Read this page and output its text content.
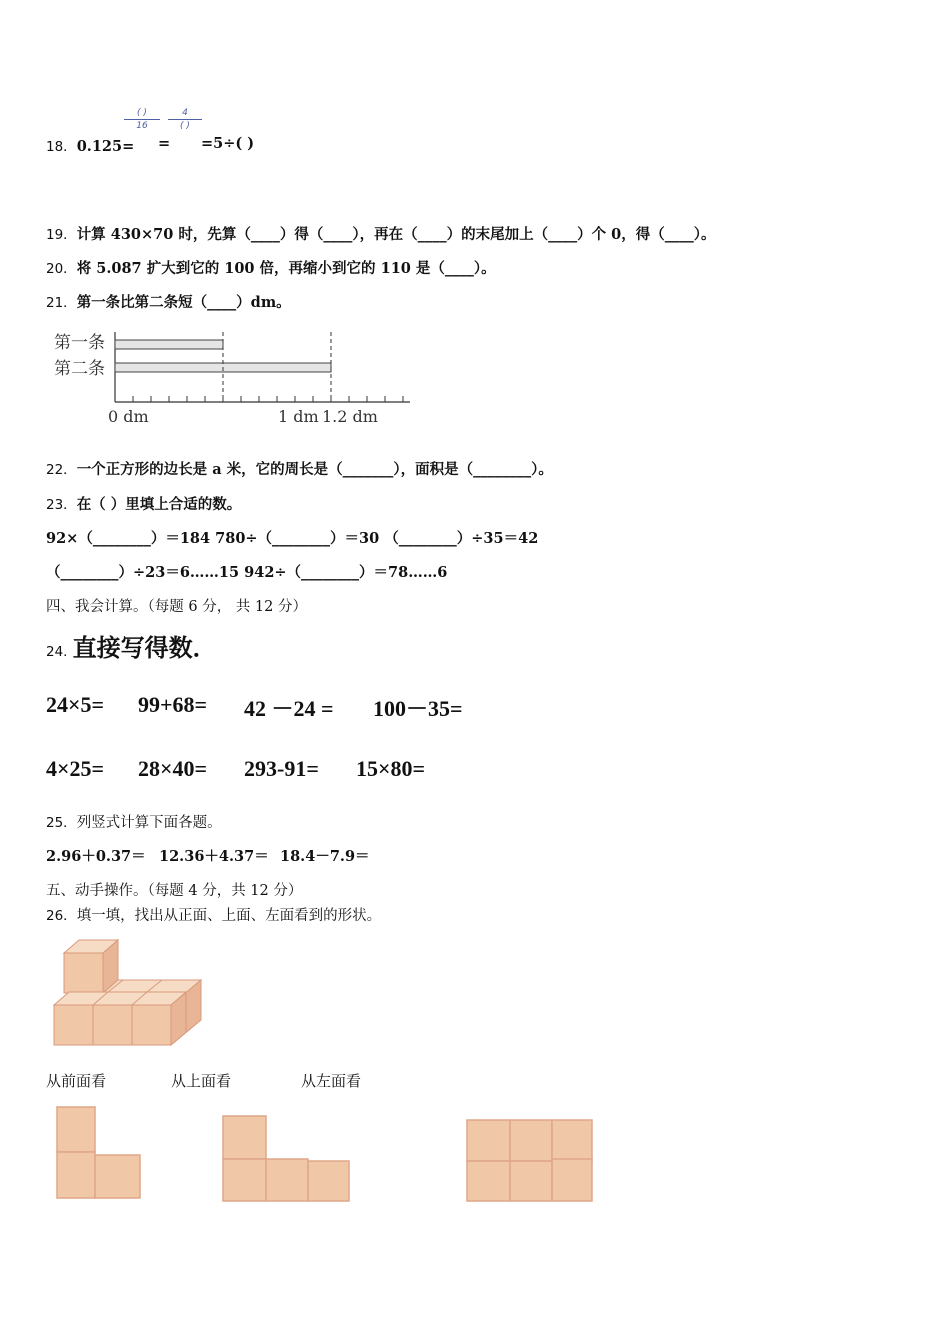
18．0.125=
( )
16
=
4
( )
=5÷( )
19．计算 430×70 时，先算（____）得（____），再在（____）的末尾加上（____）个 0，得（____）。
20．将 5.087 扩大到它的 100 倍，再缩小到它的 110 是（____）。
21．第一条比第二条短（____）dm。
第一条
第二条
0 dm	1 dm 1.2 dm
22．一个正方形的边长是 a 米，它的周长是（_______），面积是（________）。
23．在（ ）里填上合适的数。
92×（________）＝184 780÷（________）＝30 （________）÷35＝42
（________）÷23＝6……15 942÷（________）＝78……6
四、我会计算。（每题 6 分， 共 12 分）
24. 直接写得数．
24×5= 99+68= 42 －24 = 100－35=
4×25= 28×40= 293-91= 15×80=
25．列竖式计算下面各题。
2.96＋0.37＝ 12.36＋4.37＝ 18.4－7.9＝
五、动手操作。（每题 4 分，共 12 分）
26．填一填，找出从正面、上面、左面看到的形状。
从前面看	从上面看	从左面看
